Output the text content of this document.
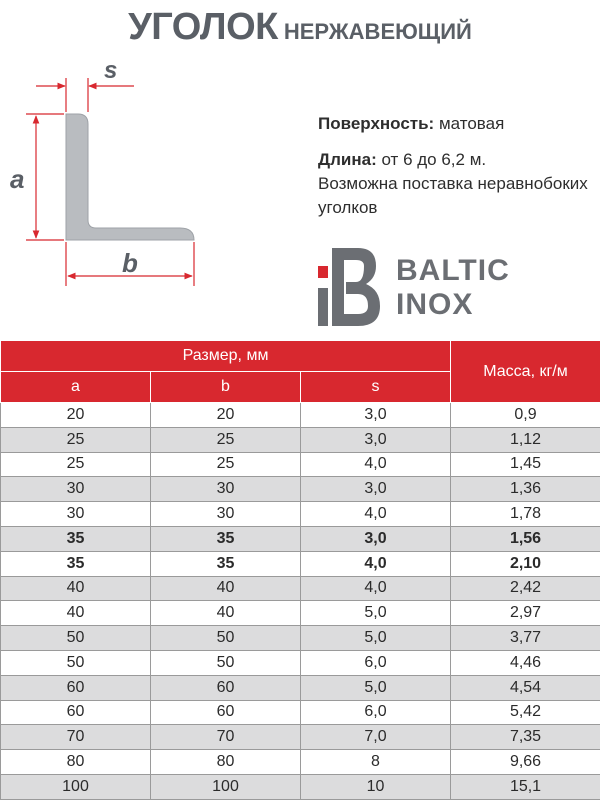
УГОЛОК НЕРЖАВЕЮЩИЙ
s
a
b

Поверхность: матовая

Длина: от 6 до 6,2 м.

Возможна поставка неравнобоких уголков

BALTIC
INOX
Размер, мм			Масса, кг/м
a	b	s	
20	20	3,0	0,9
25	25	3,0	1,12
25	25	4,0	1,45
30	30	3,0	1,36
30	30	4,0	1,78
35	35	3,0	1,56
35	35	4,0	2,10
40	40	4,0	2,42
40	40	5,0	2,97
50	50	5,0	3,77
50	50	6,0	4,46
60	60	5,0	4,54
60	60	6,0	5,42
70	70	7,0	7,35
80	80	8	9,66
100	100	10	15,1
